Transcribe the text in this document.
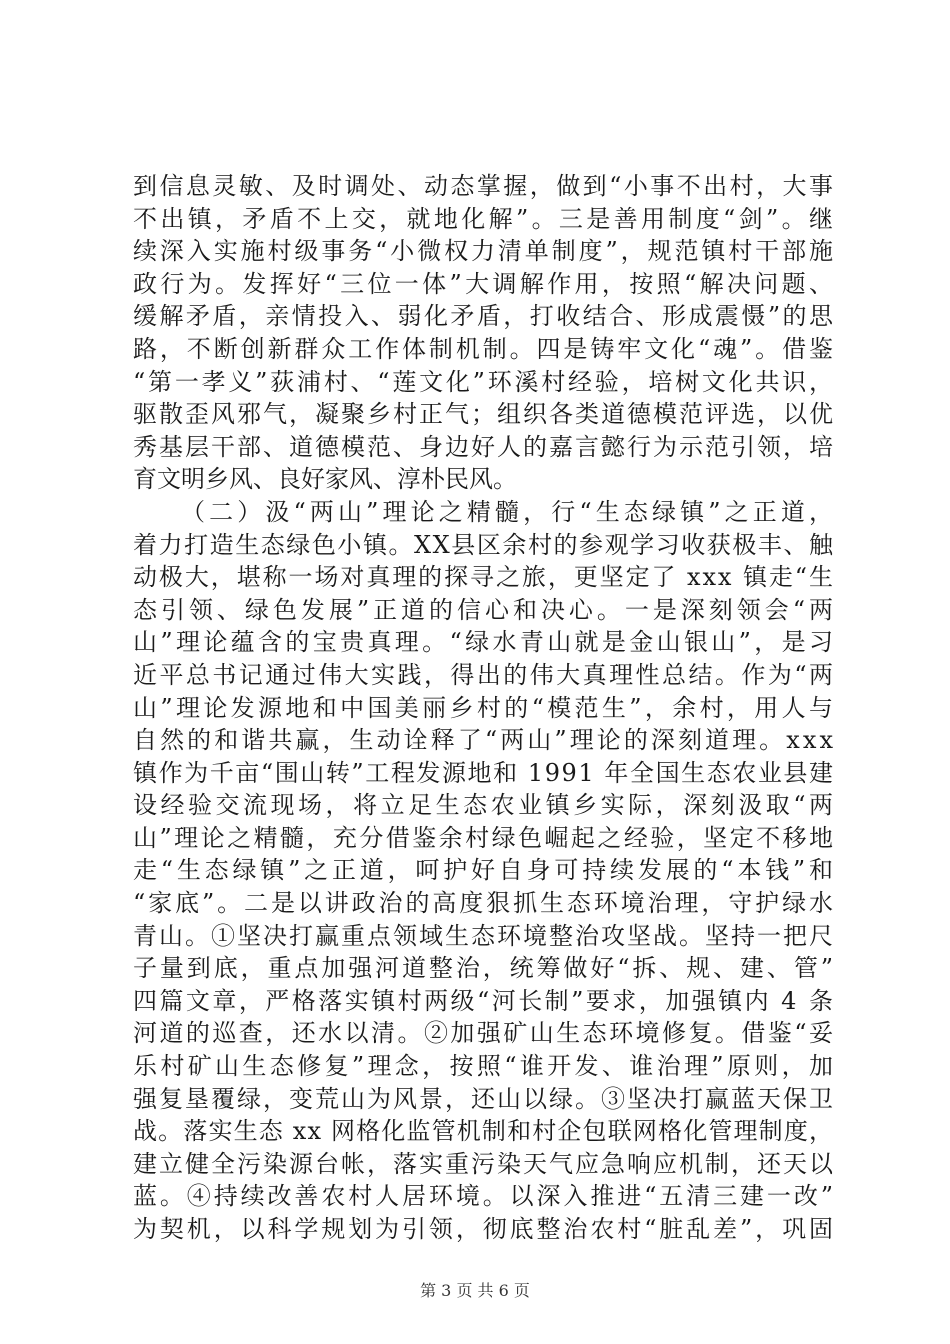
到信息灵敏、及时调处、动态掌握，做到“小事不出村，大事
不出镇，矛盾不上交，就地化解”。三是善用制度“剑”。继
续深入实施村级事务“小微权力清单制度”，规范镇村干部施
政行为。发挥好“三位一体”大调解作用，按照“解决问题、
缓解矛盾，亲情投入、弱化矛盾，打收结合、形成震慑”的思
路，不断创新群众工作体制机制。四是铸牢文化“魂”。借鉴
“第一孝义”荻浦村、“莲文化”环溪村经验，培树文化共识，
驱散歪风邪气，凝聚乡村正气；组织各类道德模范评选，以优
秀基层干部、道德模范、身边好人的嘉言懿行为示范引领，培
育文明乡风、良好家风、淳朴民风。
（二）汲“两山”理论之精髓，行“生态绿镇”之正道，
着力打造生态绿色小镇。XX县区余村的参观学习收获极丰、触
动极大，堪称一场对真理的探寻之旅，更坚定了 xxx 镇走“生
态引领、绿色发展”正道的信心和决心。一是深刻领会“两
山”理论蕴含的宝贵真理。“绿水青山就是金山银山”，是习
近平总书记通过伟大实践，得出的伟大真理性总结。作为“两
山”理论发源地和中国美丽乡村的“模范生”，余村，用人与
自然的和谐共赢，生动诠释了“两山”理论的深刻道理。xxx
镇作为千亩“围山转”工程发源地和 1991 年全国生态农业县建
设经验交流现场，将立足生态农业镇乡实际，深刻汲取“两
山”理论之精髓，充分借鉴余村绿色崛起之经验，坚定不移地
走“生态绿镇”之正道，呵护好自身可持续发展的“本钱”和
“家底”。二是以讲政治的高度狠抓生态环境治理，守护绿水
青山。①坚决打赢重点领域生态环境整治攻坚战。坚持一把尺
子量到底，重点加强河道整治，统筹做好“拆、规、建、管”
四篇文章，严格落实镇村两级“河长制”要求，加强镇内 4 条
河道的巡查，还水以清。②加强矿山生态环境修复。借鉴“妥
乐村矿山生态修复”理念，按照“谁开发、谁治理”原则，加
强复垦覆绿，变荒山为风景，还山以绿。③坚决打赢蓝天保卫
战。落实生态 xx 网格化监管机制和村企包联网格化管理制度，
建立健全污染源台帐，落实重污染天气应急响应机制，还天以
蓝。④持续改善农村人居环境。以深入推进“五清三建一改”
为契机，以科学规划为引领，彻底整治农村“脏乱差”，巩固
第 3 页 共 6 页
